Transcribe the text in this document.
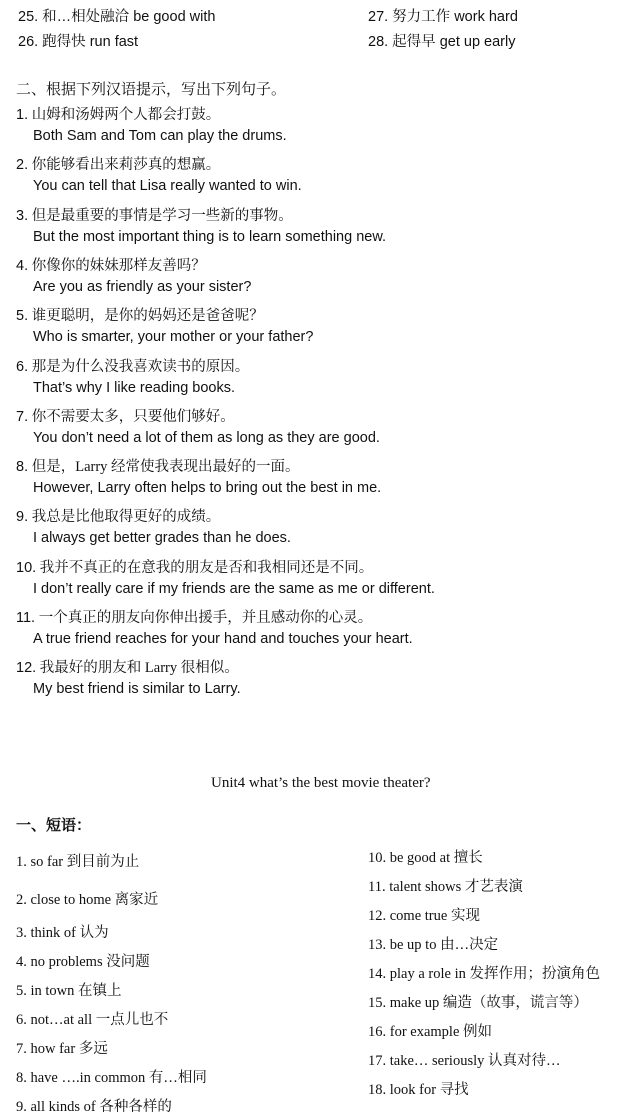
25. 和…相处融洽 be good with
26. 跑得快 run fast
27. 努力工作 work hard
28. 起得早 get up early
二、根据下列汉语提示，写出下列句子。
1. 山姆和汤姆两个人都会打鼓。
Both Sam and Tom can play the drums.
2. 你能够看出来莉莎真的想赢。
You can tell that Lisa really wanted to win.
3. 但是最重要的事情是学习一些新的事物。
But the most important thing is to learn something new.
4. 你像你的妹妹那样友善吗？
Are you as friendly as your sister?
5. 谁更聪明，是你的妈妈还是爸爸呢？
Who is smarter, your mother or your father?
6. 那是为什么没我喜欢读书的原因。
That’s why I like reading books.
7. 你不需要太多，只要他们够好。
You don’t need a lot of them as long as they are good.
8. 但是，Larry 经常使我表现出最好的一面。
However, Larry often helps to bring out the best in me.
9. 我总是比他取得更好的成绩。
I always get better grades than he does.
10. 我并不真正的在意我的朋友是否和我相同还是不同。
I don’t really care if my friends are the same as me or different.
11. 一个真正的朋友向你伸出援手，并且感动你的心灵。
A true friend reaches for your hand and touches your heart.
12. 我最好的朋友和 Larry 很相似。
My best friend is similar to Larry.
Unit4 what’s the best movie theater?
一、短语：
1. so far 到目前为止
2. close to home 离家近
3. think of 认为
4. no problems 没问题
5. in town 在镇上
6. not…at all 一点儿也不
7. how far 多远
8. have ….in common 有…相同
9. all kinds of 各种各样的
10. be good at 擅长
11. talent shows 才艺表演
12. come true 实现
13. be up to 由…决定
14. play a role in 发挥作用；扮演角色
15. make up 编造（故事，谎言等）
16. for example 例如
17. take… seriously 认真对待…
18. look for 寻找
